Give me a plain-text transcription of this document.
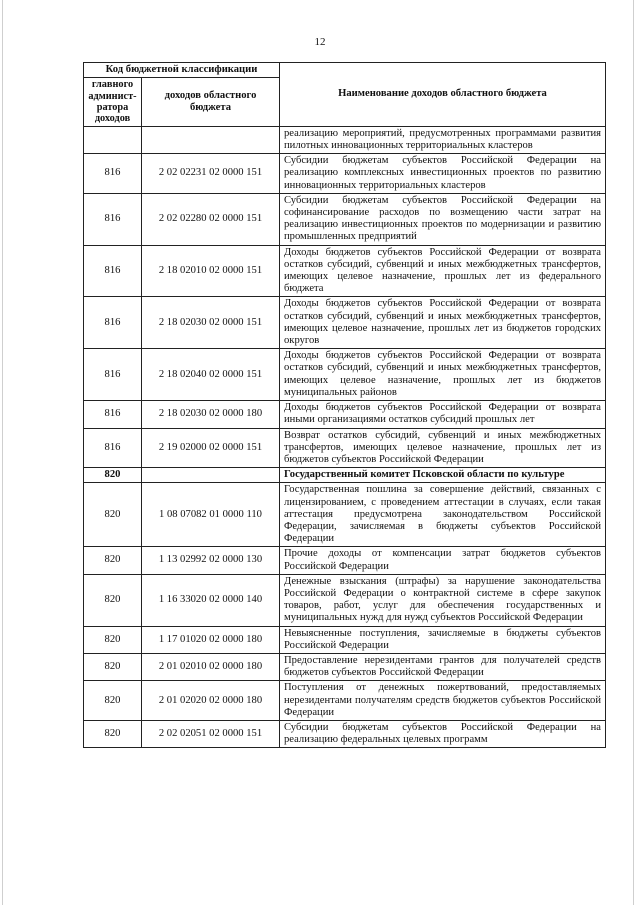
12
Код бюджетной классификации		Наименование доходов областного бюджета
главного админист-ратора доходов	доходов областного бюджета	
		реализацию мероприятий, предусмотренных программами развития пилотных инновационных территориальных кластеров
816	2 02 02231 02 0000 151	Субсидии бюджетам субъектов Российской Федерации на реализацию комплексных инвестиционных проектов по развитию инновационных территориальных кластеров
816	2 02 02280 02 0000 151	Субсидии бюджетам субъектов Российской Федерации на софинансирование расходов по возмещению части затрат на реализацию инвестиционных проектов по модернизации и развитию промышленных предприятий
816	2 18 02010 02 0000 151	Доходы бюджетов субъектов Российской Федерации от возврата остатков субсидий, субвенций и иных межбюджетных трансфертов, имеющих целевое назначение, прошлых лет из федерального бюджета
816	2 18 02030 02 0000 151	Доходы бюджетов субъектов Российской Федерации от возврата остатков субсидий, субвенций и иных межбюджетных трансфертов, имеющих целевое назначение, прошлых лет из бюджетов городских округов
816	2 18 02040 02 0000 151	Доходы бюджетов субъектов Российской Федерации от возврата остатков субсидий, субвенций и иных межбюджетных трансфертов, имеющих целевое назначение, прошлых лет из бюджетов муниципальных районов
816	2 18 02030 02 0000 180	Доходы бюджетов субъектов Российской Федерации от возврата иными организациями остатков субсидий прошлых лет
816	2 19 02000 02 0000 151	Возврат остатков субсидий, субвенций и иных межбюджетных трансфертов, имеющих целевое назначение, прошлых лет из бюджетов субъектов Российской Федерации
820		Государственный комитет Псковской области по культуре
820	1 08 07082 01 0000 110	Государственная пошлина за совершение действий, связанных с лицензированием, с проведением аттестации в случаях, если такая аттестация предусмотрена законодательством Российской Федерации, зачисляемая в бюджеты субъектов Российской Федерации
820	1 13 02992 02 0000 130	Прочие доходы от компенсации затрат бюджетов субъектов Российской Федерации
820	1 16 33020 02 0000 140	Денежные взыскания (штрафы) за нарушение законодательства Российской Федерации о контрактной системе в сфере закупок товаров, работ, услуг для обеспечения государственных и муниципальных нужд для нужд субъектов Российской Федерации
820	1 17 01020 02 0000 180	Невыясненные поступления, зачисляемые в бюджеты субъектов Российской Федерации
820	2 01 02010 02 0000 180	Предоставление нерезидентами грантов для получателей средств бюджетов субъектов Российской Федерации
820	2 01 02020 02 0000 180	Поступления от денежных пожертвований, предоставляемых нерезидентами получателям средств бюджетов субъектов Российской Федерации
820	2 02 02051 02 0000 151	Субсидии бюджетам субъектов Российской Федерации на реализацию федеральных целевых программ
